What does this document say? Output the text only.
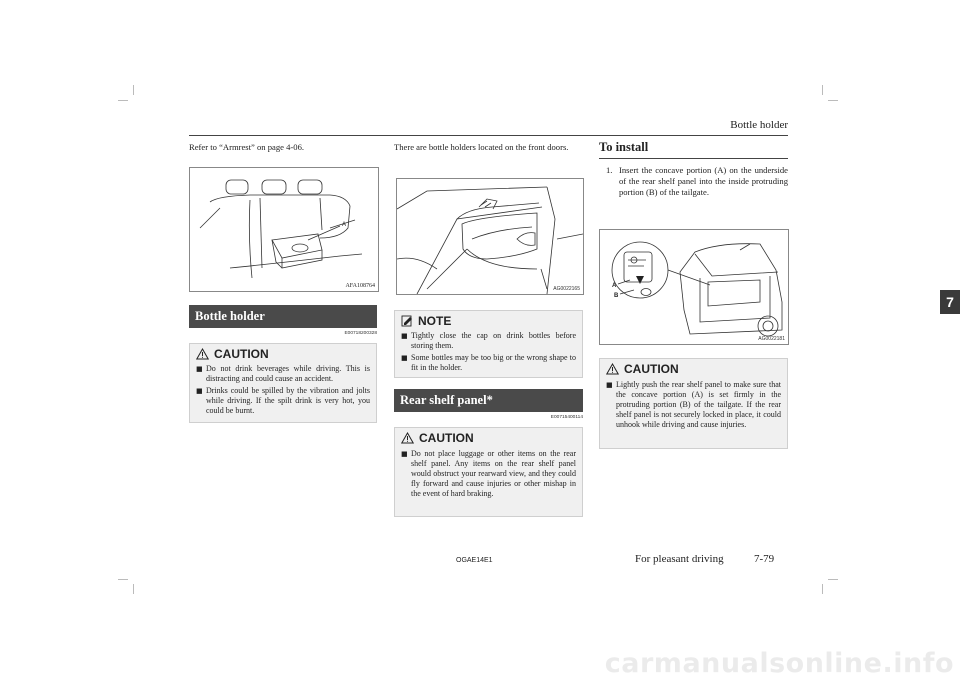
Bottle holder
7
Refer to “Armrest” on page 4-06.
A
AFA108764
Bottle holder
E00718200328
CAUTION
■ Do not drink beverages while driving. This is distracting and could cause an accident.
■ Drinks could be spilled by the vibration and jolts while driving. If the spilt drink is very hot, you could be burnt.
There are bottle holders located on the front doors.
AG0022165
NOTE
■ Tightly close the cap on drink bottles before storing them.
■ Some bottles may be too big or the wrong shape to fit in the holder.
Rear shelf panel*
E00715400114
CAUTION
■ Do not place luggage or other items on the rear shelf panel. Any items on the rear shelf panel would obstruct your rearward view, and they could fly forward and cause injuries or other mishap in the event of hard braking.
To install
1. Insert the concave portion (A) on the underside of the rear shelf panel into the inside protruding portion (B) of the tailgate.
A
B
AG0022181
CAUTION
■ Lightly push the rear shelf panel to make sure that the concave portion (A) is set firmly in the protruding portion (B) of the tailgate. If the rear shelf panel is not securely locked in place, it could unhook while driving and cause injuries.
OGAE14E1	For pleasant driving	7-79
carmanualsonline.info
